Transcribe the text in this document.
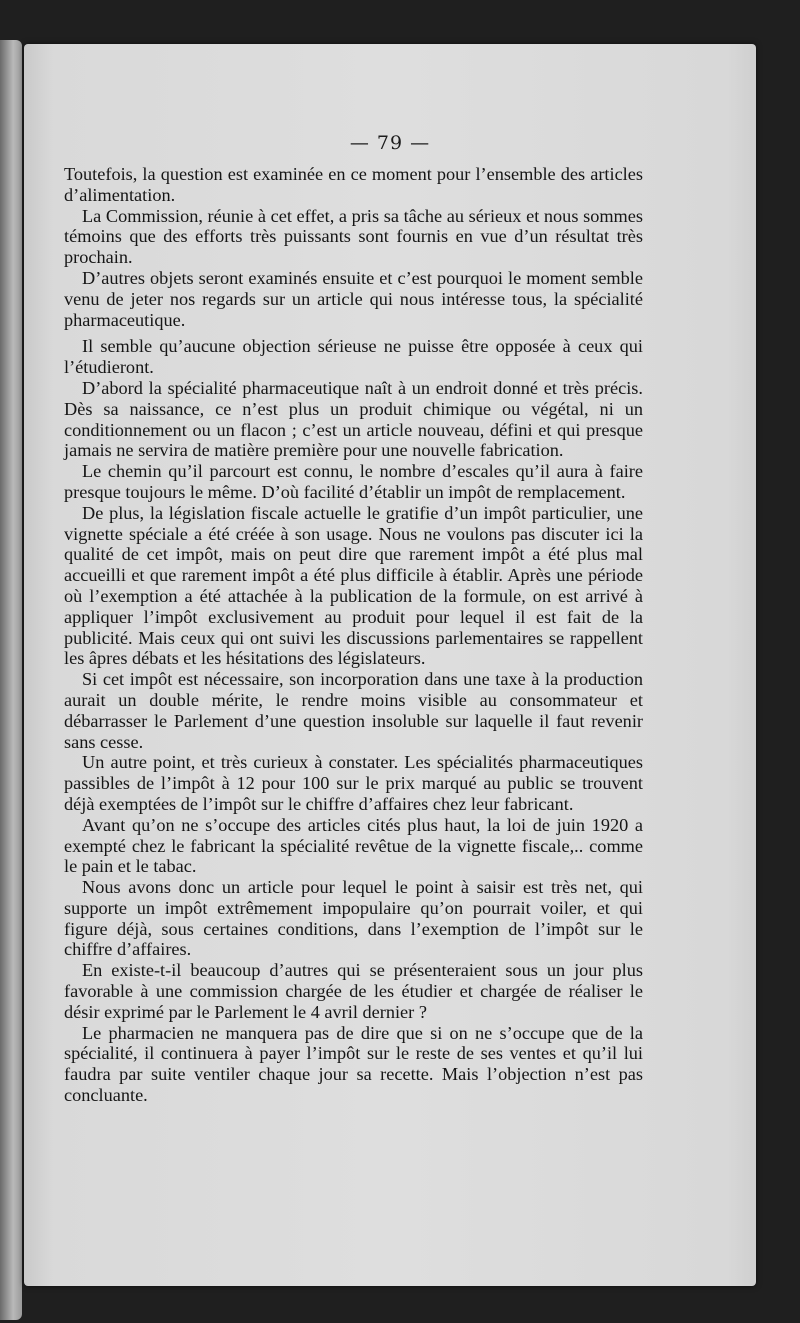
— 79 —

Toutefois, la question est examinée en ce moment pour l’ensemble des articles d’alimentation.

La Commission, réunie à cet effet, a pris sa tâche au sérieux et nous sommes témoins que des efforts très puissants sont fournis en vue d’un résultat très prochain.

D’autres objets seront examinés ensuite et c’est pourquoi le moment semble venu de jeter nos regards sur un article qui nous intéresse tous, la spécialité pharmaceutique.

Il semble qu’aucune objection sérieuse ne puisse être opposée à ceux qui l’étudieront.

D’abord la spécialité pharmaceutique naît à un endroit donné et très précis. Dès sa naissance, ce n’est plus un produit chimique ou végétal, ni un conditionnement ou un flacon ; c’est un article nouveau, défini et qui presque jamais ne servira de matière première pour une nouvelle fabrication.

Le chemin qu’il parcourt est connu, le nombre d’escales qu’il aura à faire presque toujours le même. D’où facilité d’établir un impôt de remplacement.

De plus, la législation fiscale actuelle le gratifie d’un impôt particulier, une vignette spéciale a été créée à son usage. Nous ne voulons pas discuter ici la qualité de cet impôt, mais on peut dire que rarement impôt a été plus mal accueilli et que rarement impôt a été plus difficile à établir. Après une période où l’exemption a été attachée à la publication de la formule, on est arrivé à appliquer l’impôt exclusivement au produit pour lequel il est fait de la publicité. Mais ceux qui ont suivi les discussions parlementaires se rappellent les âpres débats et les hésitations des législateurs.

Si cet impôt est nécessaire, son incorporation dans une taxe à la production aurait un double mérite, le rendre moins visible au consommateur et débarrasser le Parlement d’une question insoluble sur laquelle il faut revenir sans cesse.

Un autre point, et très curieux à constater. Les spécialités pharmaceutiques passibles de l’impôt à 12 pour 100 sur le prix marqué au public se trouvent déjà exemptées de l’impôt sur le chiffre d’affaires chez leur fabricant.

Avant qu’on ne s’occupe des articles cités plus haut, la loi de juin 1920 a exempté chez le fabricant la spécialité revêtue de la vignette fiscale,.. comme le pain et le tabac.

Nous avons donc un article pour lequel le point à saisir est très net, qui supporte un impôt extrêmement impopulaire qu’on pourrait voiler, et qui figure déjà, sous certaines conditions, dans l’exemption de l’impôt sur le chiffre d’affaires.

En existe-t-il beaucoup d’autres qui se présenteraient sous un jour plus favorable à une commission chargée de les étudier et chargée de réaliser le désir exprimé par le Parlement le 4 avril dernier ?

Le pharmacien ne manquera pas de dire que si on ne s’occupe que de la spécialité, il continuera à payer l’impôt sur le reste de ses ventes et qu’il lui faudra par suite ventiler chaque jour sa recette. Mais l’objection n’est pas concluante.
